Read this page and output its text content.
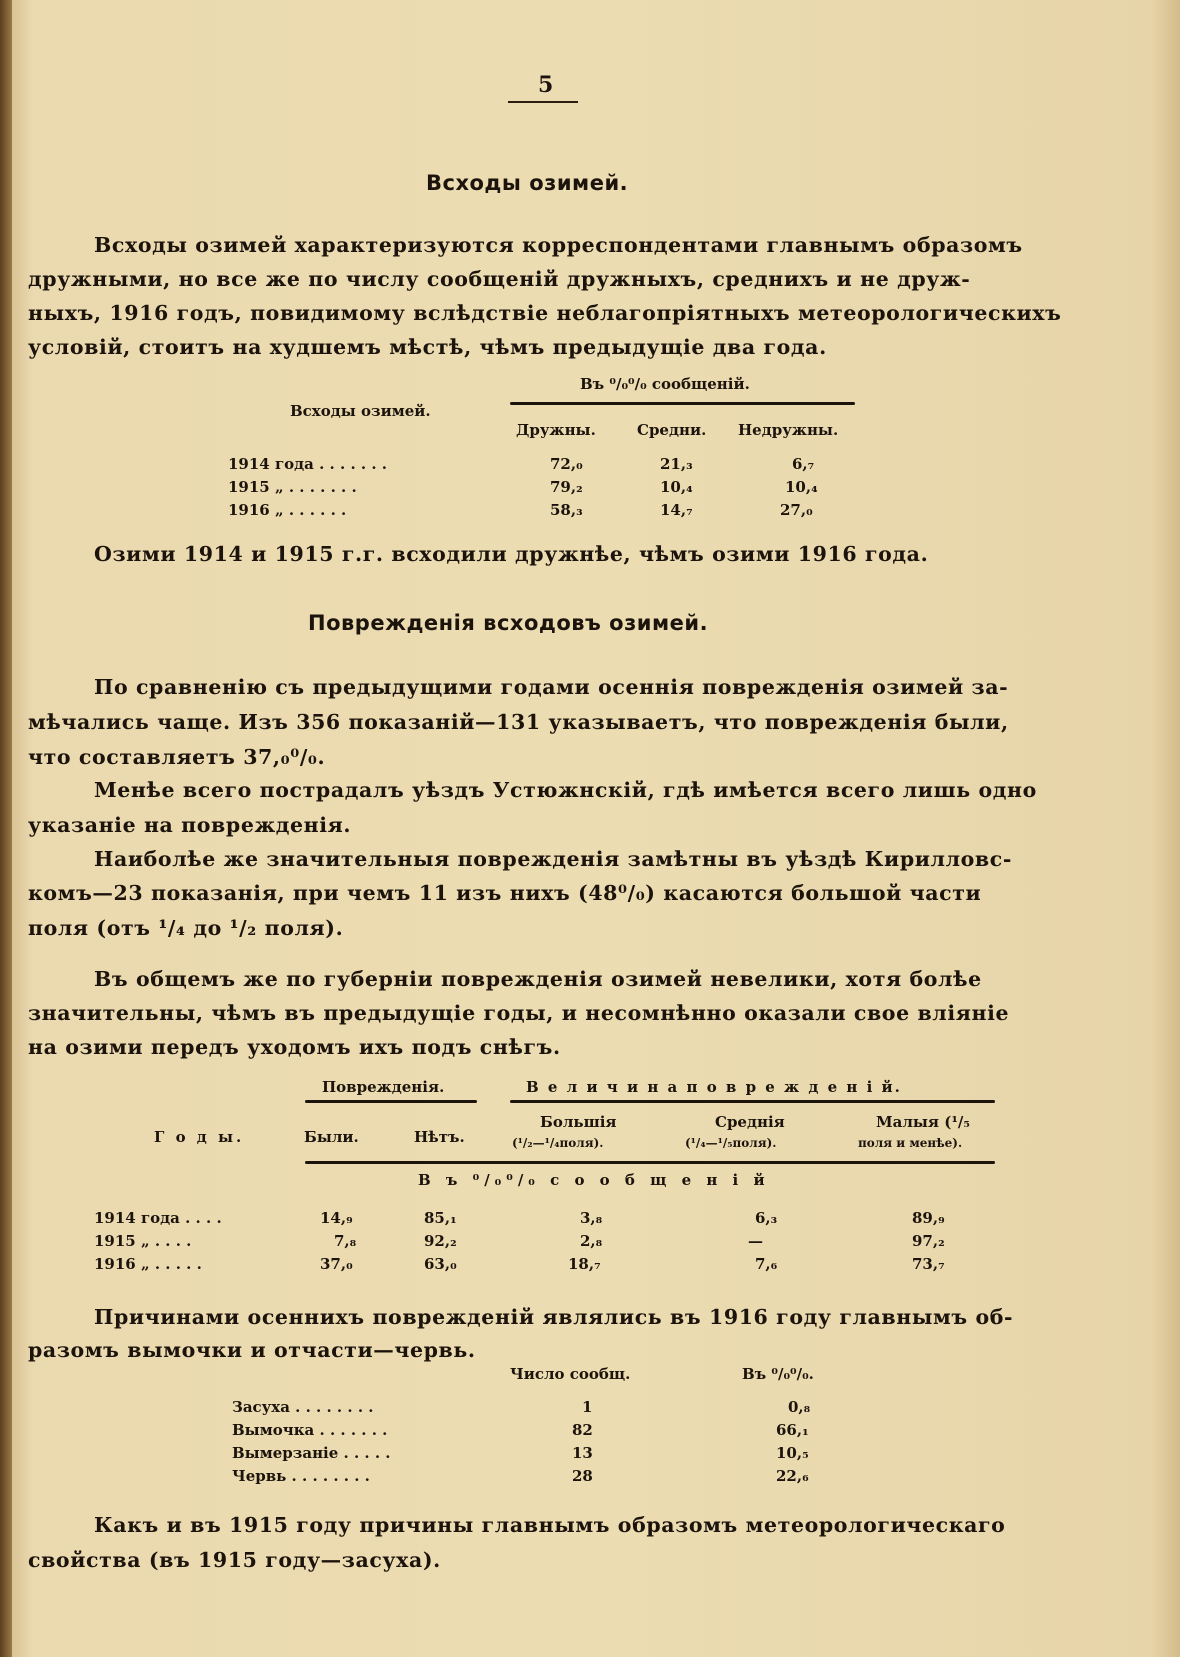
5
Всходы озимей.
Всходы озимей характеризуются корреспондентами главнымъ образомъ
дружными, но все же по числу сообщенiй дружныхъ, среднихъ и не друж-
ныхъ, 1916 годъ, повидимому вслѣдствiе неблагопрiятныхъ метеорологическихъ
условiй, стоитъ на худшемъ мѣстѣ, чѣмъ предыдущiе два года.
Въ ⁰/₀⁰/₀ сообщенiй.
Всходы озимей.
Дружны.	Средни. Недружны.
1914 года . . . . . . .	72,₀	21,₃	6,₇
1915 „ . . . . . . .	79,₂	10,₄	10,₄
1916 „ . . . . . .	58,₃	14,₇	27,₀
Озими 1914 и 1915 г.г. всходили дружнѣе, чѣмъ озими 1916 года.
Поврежденiя всходовъ озимей.
По сравненiю съ предыдущими годами осеннiя поврежденiя озимей за-
мѣчались чаще. Изъ 356 показанiй—131 указываетъ, что поврежденiя были,
что составляетъ 37,₀⁰/₀.
Менѣе всего пострадалъ уѣздъ Устюжнскiй, гдѣ имѣется всего лишь одно
указанiе на поврежденiя.
Наиболѣе же значительныя поврежденiя замѣтны въ уѣздѣ Кирилловс-
комъ—23 показанiя, при чемъ 11 изъ нихъ (48⁰/₀) касаются большой части
поля (отъ ¹/₄ до ¹/₂ поля).
Въ общемъ же по губернiи поврежденiя озимей невелики, хотя болѣе
значительны, чѣмъ въ предыдущiе годы, и несомнѣнно оказали свое влiянiе
на озими передъ уходомъ ихъ подъ снѣгъ.
Поврежденiя.	В е л и ч и н а п о в р е ж д е н i й.
Г о д ы.	Были.	Нѣтъ.
Большiя
(¹/₂—¹/₄поля).
Среднiя
(¹/₄—¹/₅поля).
Малыя (¹/₅
поля и менѣе).
В ъ ⁰/₀⁰/₀ с о о б щ е н i й
1914 года . . . .	14,₉	85,₁	3,₈	6,₃	89,₉
1915 „ . . . .	7,₈	92,₂	2,₈	—	97,₂
1916 „ . . . . .	37,₀	63,₀	18,₇	7,₆	73,₇
Причинами осеннихъ поврежденiй являлись въ 1916 году главнымъ об-
разомъ вымочки и отчасти—червь.
Число сообщ.	Въ ⁰/₀⁰/₀.
Засуха . . . . . . . .	1	0,₈
Вымочка . . . . . . .	82	66,₁
Вымерзанiе . . . . .	13	10,₅
Червь . . . . . . . .	28	22,₆
Какъ и въ 1915 году причины главнымъ образомъ метеорологическаго
свойства (въ 1915 году—засуха).
